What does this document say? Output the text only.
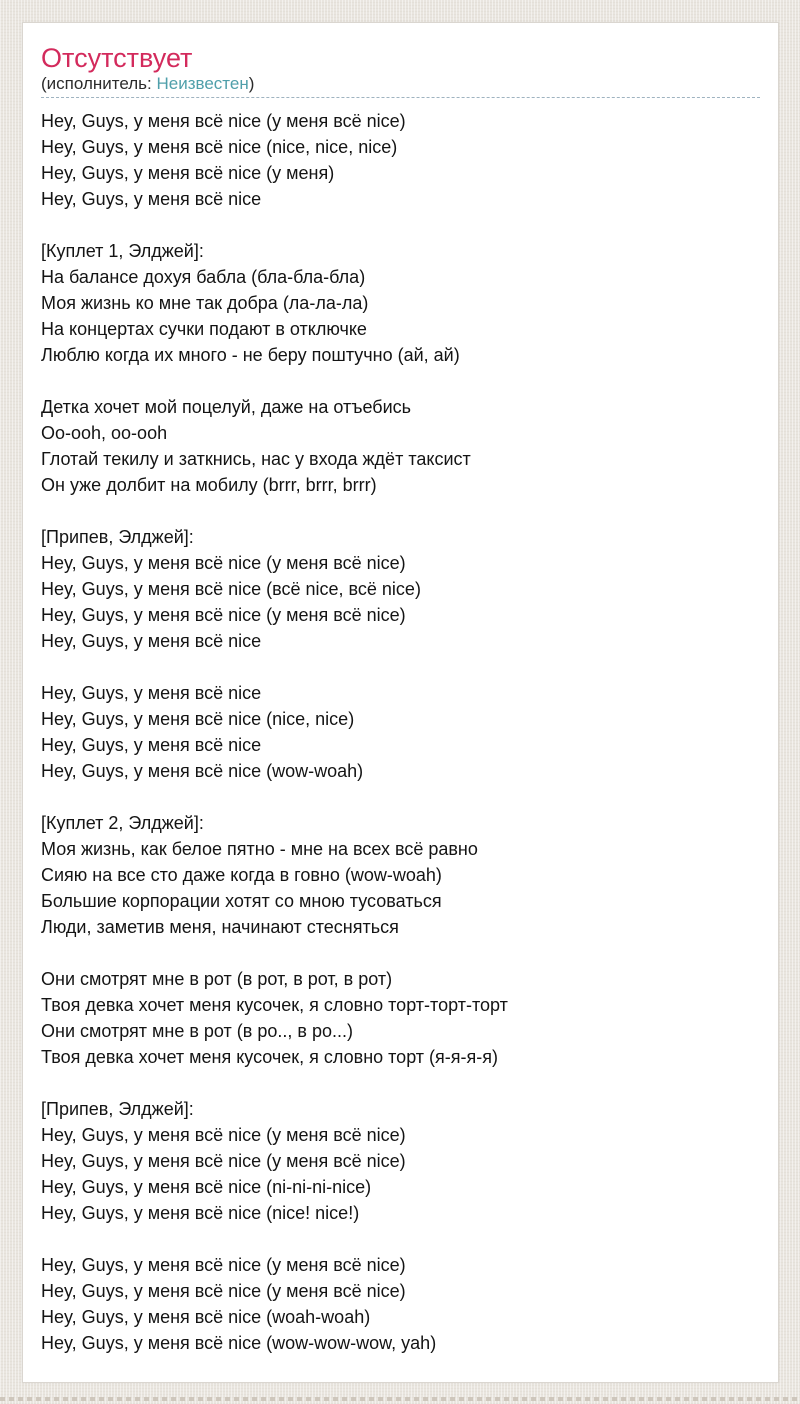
Отсутствует
(исполнитель: Неизвестен)
Hey, Guys, у меня всё nice (у меня всё nice)
Hey, Guys, у меня всё nice (nice, nice, nice)
Hey, Guys, у меня всё nice (у меня)
Hey, Guys, у меня всё nice
[Куплет 1, Элджей]:
На балансе дохуя бабла (бла-бла-бла)
Моя жизнь ко мне так добра (ла-ла-ла)
На концертах сучки подают в отключке
Люблю когда их много - не беру поштучно (ай, ай)
Детка хочет мой поцелуй, даже на отъебись
Oo-ooh, oo-ooh
Глотай текилу и заткнись, нас у входа ждёт таксист
Он уже долбит на мобилу (brrr, brrr, brrr)
[Припев, Элджей]:
Hey, Guys, у меня всё nice (у меня всё nice)
Hey, Guys, у меня всё nice (всё nice, всё nice)
Hey, Guys, у меня всё nice (у меня всё nice)
Hey, Guys, у меня всё nice
Hey, Guys, у меня всё nice
Hey, Guys, у меня всё nice (nice, nice)
Hey, Guys, у меня всё nice
Hey, Guys, у меня всё nice (wow-woah)
[Куплет 2, Элджей]:
Моя жизнь, как белое пятно - мне на всех всё равно
Сияю на все сто даже когда в говно (wow-woah)
Большие корпорации хотят со мною тусоваться
Люди, заметив меня, начинают стесняться
Они смотрят мне в рот (в рот, в рот, в рот)
Твоя девка хочет меня кусочек, я словно торт-торт-торт
Они смотрят мне в рот (в ро.., в ро...)
Твоя девка хочет меня кусочек, я словно торт (я-я-я-я)
[Припев, Элджей]:
Hey, Guys, у меня всё nice (у меня всё nice)
Hey, Guys, у меня всё nice (у меня всё nice)
Hey, Guys, у меня всё nice (ni-ni-ni-nice)
Hey, Guys, у меня всё nice (nice! nice!)
Hey, Guys, у меня всё nice (у меня всё nice)
Hey, Guys, у меня всё nice (у меня всё nice)
Hey, Guys, у меня всё nice (woah-woah)
Hey, Guys, у меня всё nice (wow-wow-wow, yah)
